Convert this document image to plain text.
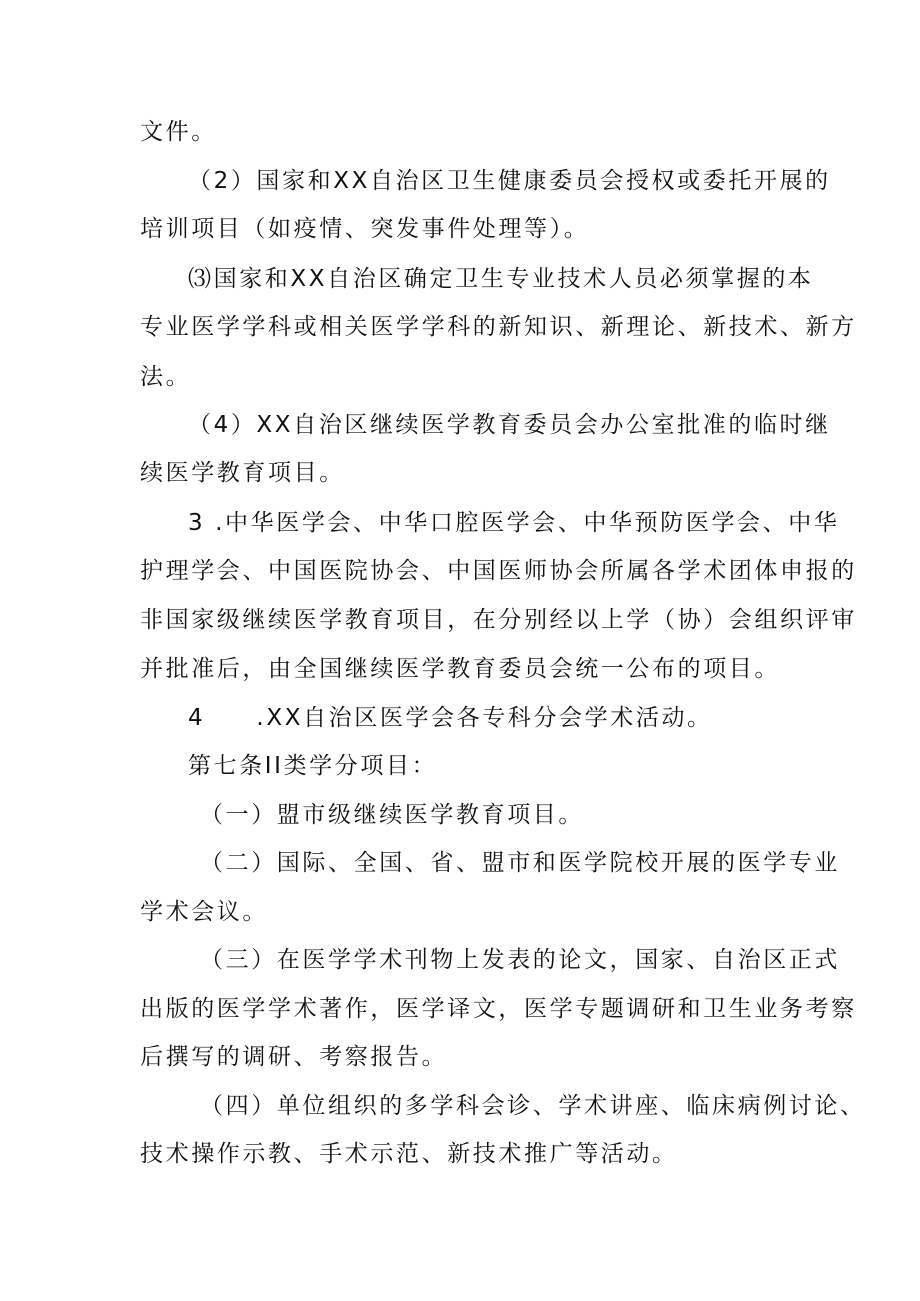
文件。

（2）国家和XX自治区卫生健康委员会授权或委托开展的

培训项目（如疫情、突发事件处理等）。

⑶国家和XX自治区确定卫生专业技术人员必须掌握的本

专业医学学科或相关医学学科的新知识、新理论、新技术、新方

法。

（4）XX自治区继续医学教育委员会办公室批准的临时继

续医学教育项目。

3 .中华医学会、中华口腔医学会、中华预防医学会、中华

护理学会、中国医院协会、中国医师协会所属各学术团体申报的

非国家级继续医学教育项目，在分别经以上学（协）会组织评审

并批准后，由全国继续医学教育委员会统一公布的项目。

4　　.XX自治区医学会各专科分会学术活动。

第七条II类学分项目：

（一）盟市级继续医学教育项目。

（二）国际、全国、省、盟市和医学院校开展的医学专业

学术会议。

（三）在医学学术刊物上发表的论文，国家、自治区正式

出版的医学学术著作，医学译文，医学专题调研和卫生业务考察

后撰写的调研、考察报告。

（四）单位组织的多学科会诊、学术讲座、临床病例讨论、

技术操作示教、手术示范、新技术推广等活动。
